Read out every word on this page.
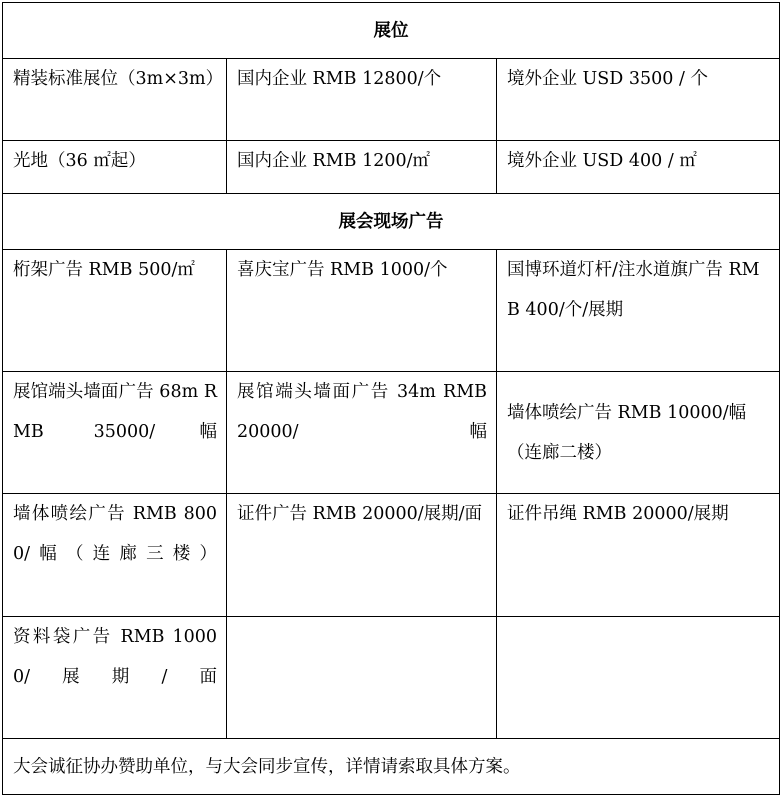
展位		
精装标准展位（3m×3m）	国内企业 RMB 12800/个	境外企业 USD 3500 / 个
光地（36 ㎡起）	国内企业 RMB 1200/㎡	境外企业 USD 400 / ㎡
展会现场广告		
桁架广告 RMB 500/㎡	喜庆宝广告 RMB 1000/个	国博环道灯杆/注水道旗广告 RMB 400/个/展期
展馆端头墙面广告 68m RMB 35000/幅	展馆端头墙面广告 34m RMB 20000/幅	墙体喷绘广告 RMB 10000/幅（连廊二楼）
墙体喷绘广告 RMB 8000/幅（连廊三楼）	证件广告 RMB 20000/展期/面	证件吊绳 RMB 20000/展期
资料袋广告 RMB 10000/展期/面		
大会诚征协办赞助单位，与大会同步宣传，详情请索取具体方案。		
